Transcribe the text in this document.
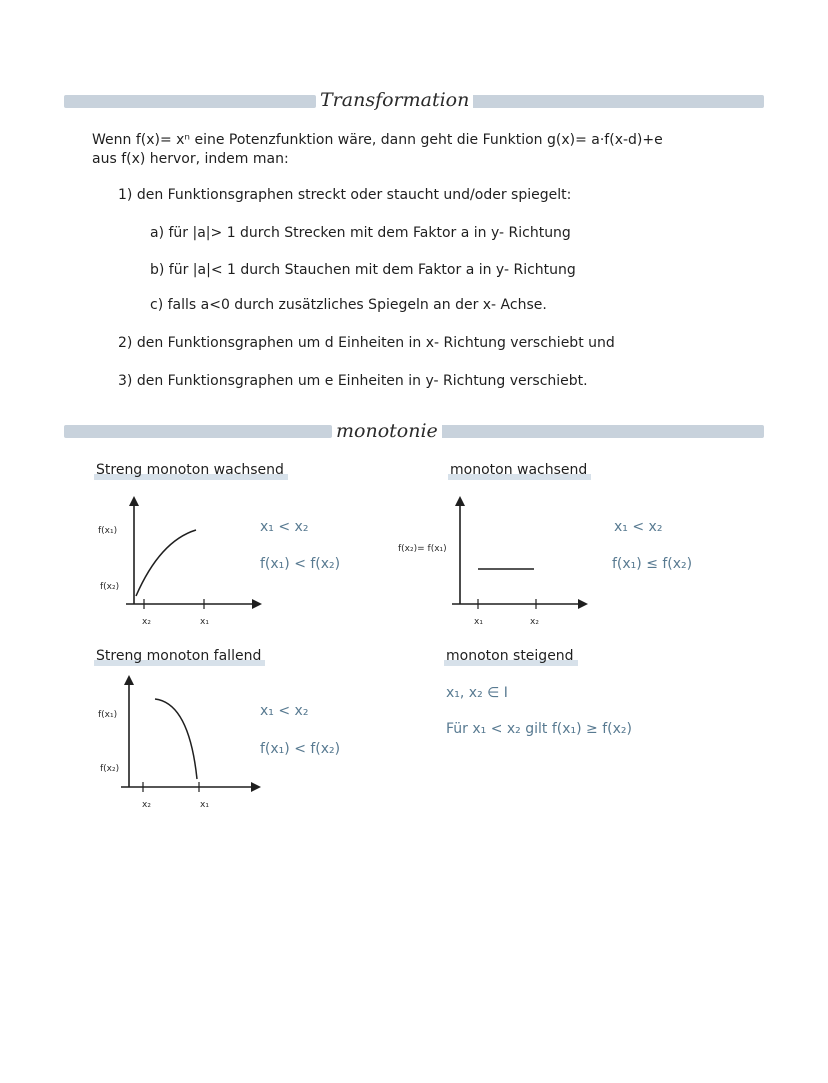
Transformation
Wenn f(x)= xⁿ eine Potenzfunktion wäre, dann geht die Funktion g(x)= a·f(x-d)+e
aus f(x) hervor, indem man:
1) den Funktionsgraphen streckt oder staucht und/oder spiegelt:
a) für |a|> 1 durch Strecken mit dem Faktor a in y- Richtung
b) für |a|< 1 durch Stauchen mit dem Faktor a in y- Richtung
c) falls a<0 durch zusätzliches Spiegeln an der x- Achse.
2) den Funktionsgraphen um d Einheiten in x- Richtung verschiebt und
3) den Funktionsgraphen um e Einheiten in y- Richtung verschiebt.
monotonie
Streng monoton wachsend
f(x₁)
f(x₂)
x₂	x₁
x₁ < x₂
f(x₁) < f(x₂)
monoton wachsend
f(x₂)= f(x₁)
x₁	x₂
x₁ < x₂
f(x₁) ≤ f(x₂)
Streng monoton fallend
f(x₁)
f(x₂)
x₂	x₁
x₁ < x₂
f(x₁) < f(x₂)
monoton steigend
x₁, x₂ ∈ I
Für x₁ < x₂ gilt f(x₁) ≥ f(x₂)
